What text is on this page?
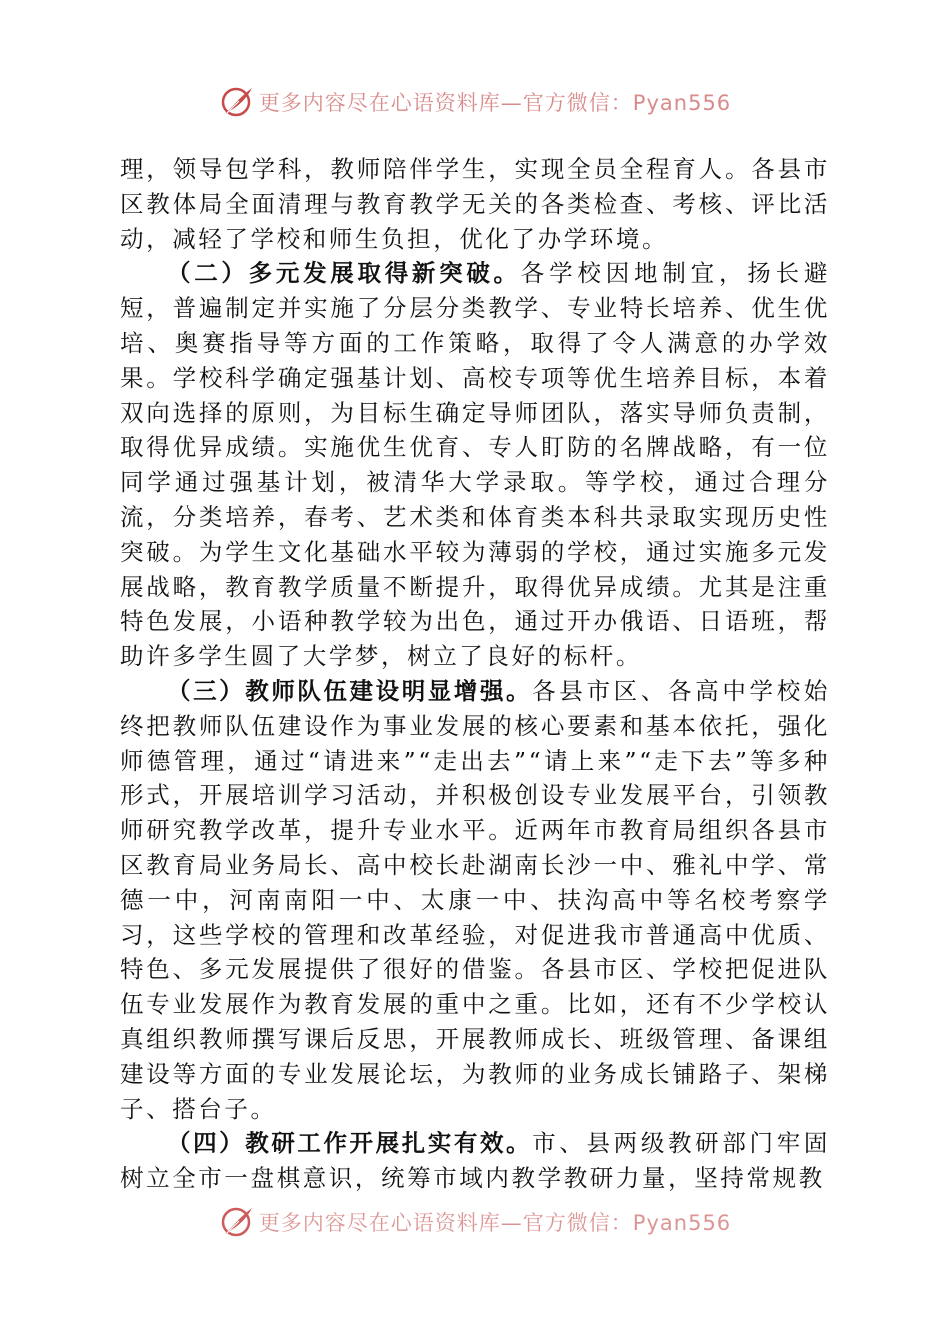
更多内容尽在心语资料库—官方微信：Pyan556

理，领导包学科，教师陪伴学生，实现全员全程育人。各县市区教体局全面清理与教育教学无关的各类检查、考核、评比活动，减轻了学校和师生负担，优化了办学环境。

（二）多元发展取得新突破。各学校因地制宜，扬长避短，普遍制定并实施了分层分类教学、专业特长培养、优生优培、奥赛指导等方面的工作策略，取得了令人满意的办学效果。学校科学确定强基计划、高校专项等优生培养目标，本着双向选择的原则，为目标生确定导师团队，落实导师负责制，取得优异成绩。实施优生优育、专人盯防的名牌战略，有一位同学通过强基计划，被清华大学录取。等学校，通过合理分流，分类培养，春考、艺术类和体育类本科共录取实现历史性突破。为学生文化基础水平较为薄弱的学校，通过实施多元发展战略，教育教学质量不断提升，取得优异成绩。尤其是注重特色发展，小语种教学较为出色，通过开办俄语、日语班，帮助许多学生圆了大学梦，树立了良好的标杆。

（三）教师队伍建设明显增强。各县市区、各高中学校始终把教师队伍建设作为事业发展的核心要素和基本依托，强化师德管理，通过“请进来”“走出去”“请上来”“走下去”等多种形式，开展培训学习活动，并积极创设专业发展平台，引领教师研究教学改革，提升专业水平。近两年市教育局组织各县市区教育局业务局长、高中校长赴湖南长沙一中、雅礼中学、常德一中，河南南阳一中、太康一中、扶沟高中等名校考察学习，这些学校的管理和改革经验，对促进我市普通高中优质、特色、多元发展提供了很好的借鉴。各县市区、学校把促进队伍专业发展作为教育发展的重中之重。比如，还有不少学校认真组织教师撰写课后反思，开展教师成长、班级管理、备课组建设等方面的专业发展论坛，为教师的业务成长铺路子、架梯子、搭台子。

（四）教研工作开展扎实有效。市、县两级教研部门牢固树立全市一盘棋意识，统筹市域内教学教研力量，坚持常规教

更多内容尽在心语资料库—官方微信：Pyan556
